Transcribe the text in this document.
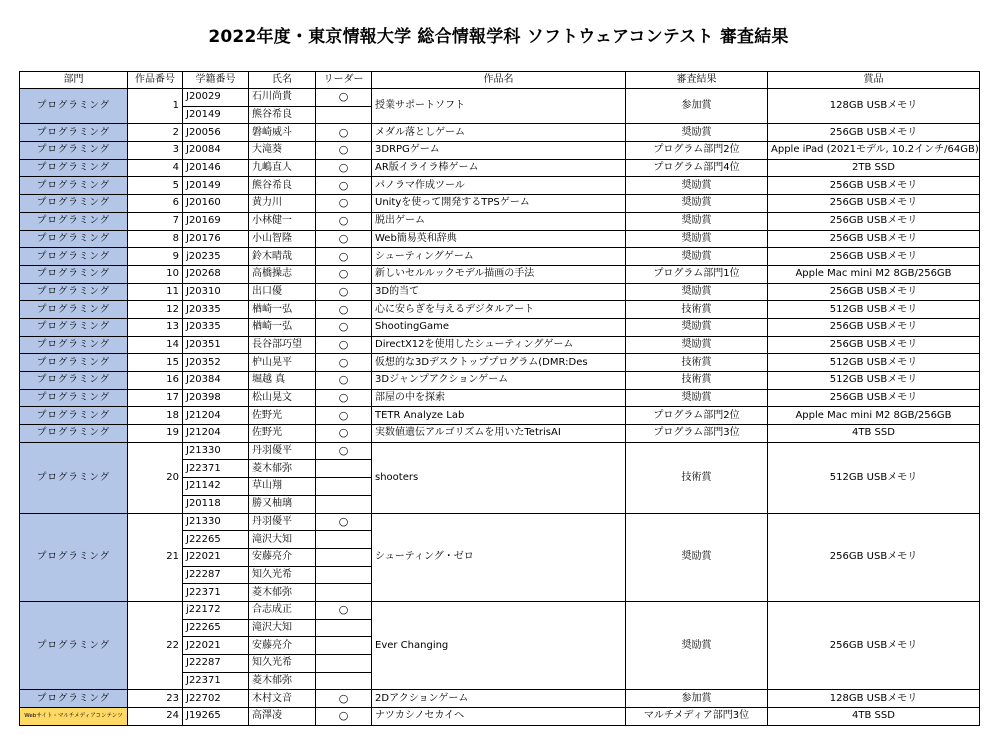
2022年度・東京情報大学 総合情報学科 ソフトウェアコンテスト 審査結果
部門	作品番号	学籍番号	氏名	リーダー	作品名	審査結果	賞品
プログラミング	1	J20029	石川尚貴	○	授業サポートソフト	参加賞	128GB USBメモリ
		J20149	熊谷希良				
プログラミング	2	J20056	磐崎威斗	○	メダル落としゲーム	奨励賞	256GB USBメモリ
プログラミング	3	J20084	大滝葵	○	3DRPGゲーム	プログラム部門2位	Apple iPad (2021モデル, 10.2インチ/64GB)
プログラミング	4	J20146	九嶋直人	○	AR版イライラ棒ゲーム	プログラム部門4位	2TB SSD
プログラミング	5	J20149	熊谷希良	○	パノラマ作成ツール	奨励賞	256GB USBメモリ
プログラミング	6	J20160	黄力川	○	Unityを使って開発するTPSゲーム	奨励賞	256GB USBメモリ
プログラミング	7	J20169	小林健一	○	脱出ゲーム	奨励賞	256GB USBメモリ
プログラミング	8	J20176	小山智隆	○	Web簡易英和辞典	奨励賞	256GB USBメモリ
プログラミング	9	j20235	鈴木晴哉	○	シューティングゲーム	奨励賞	256GB USBメモリ
プログラミング	10	J20268	高橋操志	○	新しいセルルックモデル描画の手法	プログラム部門1位	Apple Mac mini M2 8GB/256GB
プログラミング	11	J20310	出口優	○	3D的当て	奨励賞	256GB USBメモリ
プログラミング	12	J20335	楢崎一弘	○	心に安らぎを与えるデジタルアート	技術賞	512GB USBメモリ
プログラミング	13	J20335	楢崎一弘	○	ShootingGame	奨励賞	256GB USBメモリ
プログラミング	14	J20351	長谷部巧望	○	DirectX12を使用したシューティングゲーム	奨励賞	256GB USBメモリ
プログラミング	15	J20352	枦山晃平	○	仮想的な3Dデスクトッププログラム(DMR:Des	技術賞	512GB USBメモリ
プログラミング	16	J20384	堀越 真	○	3Dジャンプアクションゲーム	技術賞	512GB USBメモリ
プログラミング	17	J20398	松山晃文	○	部屋の中を探索	奨励賞	256GB USBメモリ
プログラミング	18	J21204	佐野光	○	TETR Analyze Lab	プログラム部門2位	Apple Mac mini M2 8GB/256GB
プログラミング	19	J21204	佐野光	○	実数値遺伝アルゴリズムを用いたTetrisAI	プログラム部門3位	4TB SSD
プログラミング	20	J21330	丹羽優平	○	shooters	技術賞	512GB USBメモリ
		J22371	菱木郁弥				
		J21142	草山翔				
		J20118	勝又柚璃				
プログラミング	21	J21330	丹羽優平	○	シューティング・ゼロ	奨励賞	256GB USBメモリ
		J22265	滝沢大知				
		J22021	安藤亮介				
		J22287	知久光希				
		J22371	菱木郁弥				
プログラミング	22	j22172	合志成正	○	Ever Changing	奨励賞	256GB USBメモリ
		J22265	滝沢大知				
		J22021	安藤亮介				
		J22287	知久光希				
		J22371	菱木郁弥				
プログラミング	23	J22702	木村文音	○	2Dアクションゲーム	参加賞	128GB USBメモリ
Webサイト・マルチメディアコンテンツ	24	J19265	高澤凌	○	ナツカシノセカイへ	マルチメディア部門3位	4TB SSD
